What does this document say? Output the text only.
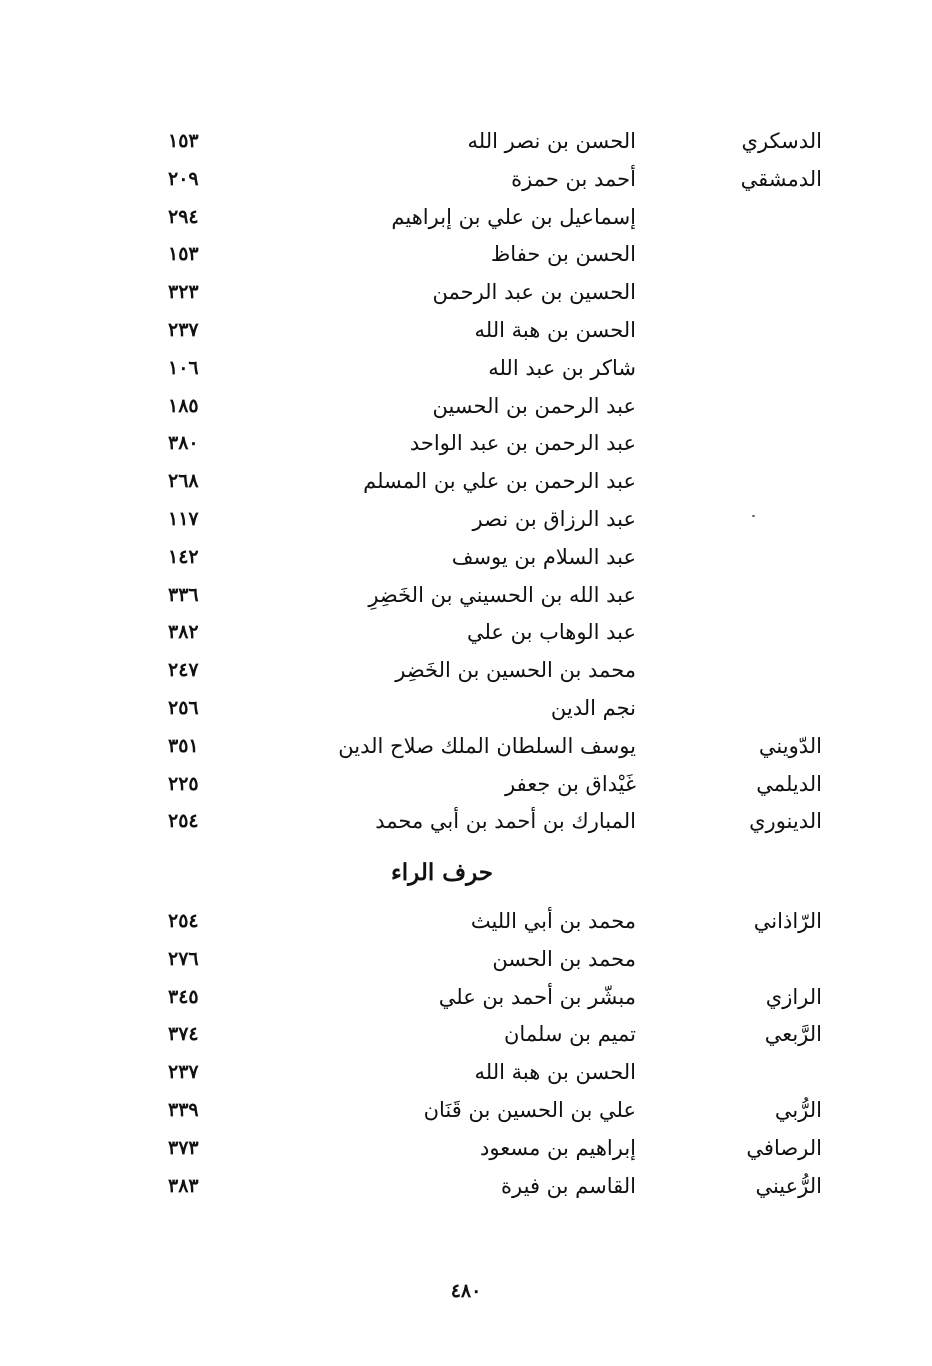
الدسكري
الحسن بن نصر الله
١٥٣
الدمشقي
أحمد بن حمزة
٢٠٩
إسماعيل بن علي بن إبراهيم
٢٩٤
الحسن بن حفاظ
١٥٣
الحسين بن عبد الرحمن
٣٢٣
الحسن بن هبة الله
٢٣٧
شاكر بن عبد الله
١٠٦
عبد الرحمن بن الحسين
١٨٥
عبد الرحمن بن عبد الواحد
٣٨٠
عبد الرحمن بن علي بن المسلم
٢٦٨
عبد الرزاق بن نصر
١١٧
عبد السلام بن يوسف
١٤٢
عبد الله بن الحسيني بن الخَضِرِ
٣٣٦
عبد الوهاب بن علي
٣٨٢
محمد بن الحسين بن الخَضِر
٢٤٧
نجم الدين
٢٥٦
الدّويني
يوسف السلطان الملك صلاح الدين
٣٥١
الديلمي
غَيْداق بن جعفر
٢٢٥
الدينوري
المبارك بن أحمد بن أبي محمد
٢٥٤
حرف الراء
الرّاذاني
محمد بن أبي الليث
٢٥٤
محمد بن الحسن
٢٧٦
الرازي
مبشّر بن أحمد بن علي
٣٤٥
الرَّبعي
تميم بن سلمان
٣٧٤
الحسن بن هبة الله
٢٣٧
الرُّبي
علي بن الحسين بن قَنَان
٣٣٩
الرصافي
إبراهيم بن مسعود
٣٧٣
الرُّعيني
القاسم بن فيرة
٣٨٣
٤٨٠
